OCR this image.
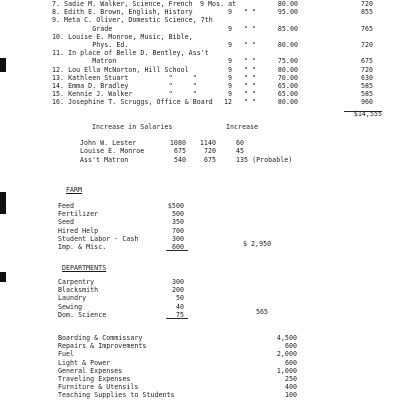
7. Sadie M. Walker, Science, French 9 Mos. at	80.00	720
8. Edith E. Brown, English, History	9 " "	95.00	855
9. Meta C. Oliver, Domestic Science, 7th
Grade	9 " "	85.00	765
10. Louise E. Monroe, Music, Bible,
Phys. Ed.	9 " "	80.00	720
11. In place of Belle D. Bentley, Ass't
Matron	9 " "	75.00	675
12. Lou Ella McNorton, Hill School	9 " "	80.00	720
13. Kathleen Stuart          "     "	9 " "	70.00	630
14. Emma D. Bradley          "     "	9 " "	65.00	585
15. Kennie J. Walker         "     "	9 " "	65.00	585
16. Josephine T. Scruggs, Office & Board	12 " "	80.00	960
$14,555
Increase in Salaries	Increase
John W. Lester	1080	1140	60
Louise E. Monroe	675	720	45
Ass't Matron	540	675	135 (Probable)
FARM
Feed	$500
Fertilizer	500
Seed	350
Hired Help	700
Student Labor - Cash	300
Imp. & Misc.	600	$ 2,950
DEPARTMENTS
Carpentry	300
Blacksmith	200
Laundry	50
Sewing	40
Dom. Science	75	565
Boarding & Commissary	4,500
Repairs & Improvements	600
Fuel	2,000
Light & Power	600
General Expenses	1,000
Traveling Expenses	250
Furniture & Utensils	400
Teaching Supplies to Students	100
